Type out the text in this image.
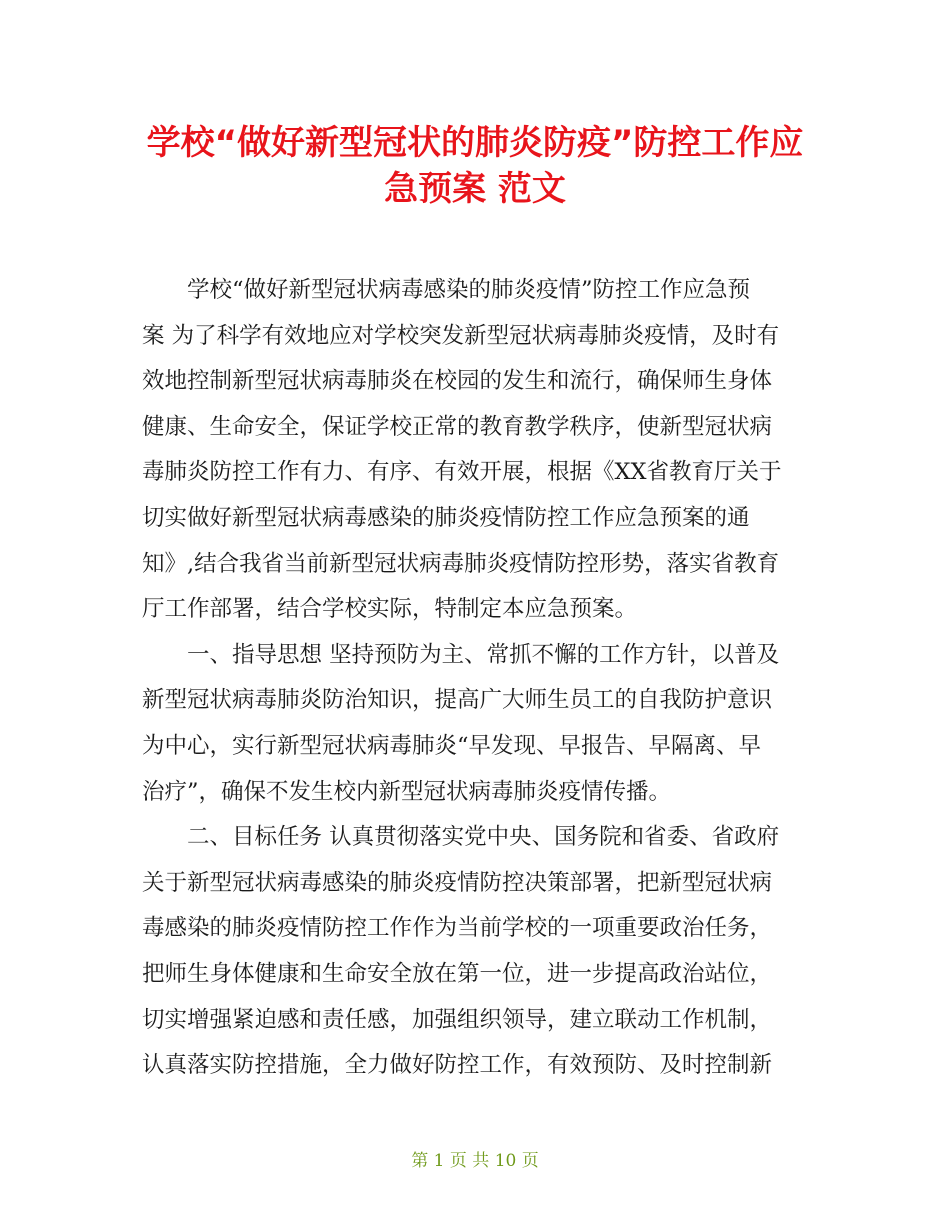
学校“做好新型冠状的肺炎防疫”防控工作应
急预案 范文
　　学校“做好新型冠状病毒感染的肺炎疫情”防控工作应急预
案 为了科学有效地应对学校突发新型冠状病毒肺炎疫情，及时有
效地控制新型冠状病毒肺炎在校园的发生和流行，确保师生身体
健康、生命安全，保证学校正常的教育教学秩序，使新型冠状病
毒肺炎防控工作有力、有序、有效开展，根据《XX省教育厅关于
切实做好新型冠状病毒感染的肺炎疫情防控工作应急预案的通
知》,结合我省当前新型冠状病毒肺炎疫情防控形势，落实省教育
厅工作部署，结合学校实际，特制定本应急预案。
　　一、指导思想 坚持预防为主、常抓不懈的工作方针，以普及
新型冠状病毒肺炎防治知识，提高广大师生员工的自我防护意识
为中心，实行新型冠状病毒肺炎“早发现、早报告、早隔离、早
治疗”，确保不发生校内新型冠状病毒肺炎疫情传播。
　　二、目标任务 认真贯彻落实党中央、国务院和省委、省政府
关于新型冠状病毒感染的肺炎疫情防控决策部署，把新型冠状病
毒感染的肺炎疫情防控工作作为当前学校的一项重要政治任务，
把师生身体健康和生命安全放在第一位，进一步提高政治站位，
切实增强紧迫感和责任感，加强组织领导，建立联动工作机制，
认真落实防控措施，全力做好防控工作，有效预防、及时控制新
第 1 页 共 10 页
